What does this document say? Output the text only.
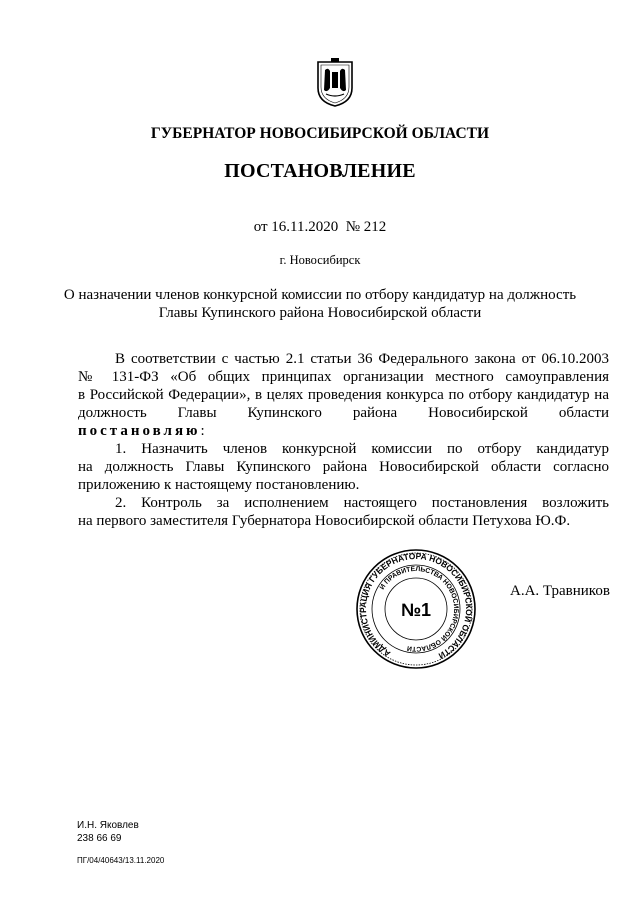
ГУБЕРНАТОР НОВОСИБИРСКОЙ ОБЛАСТИ
ПОСТАНОВЛЕНИЕ
от 16.11.2020 № 212
г. Новосибирск
О назначении членов конкурсной комиссии по отбору кандидатур на должность
Главы Купинского района Новосибирской области
В соответствии с частью 2.1 статьи 36 Федерального закона от 06.10.2003
№ 131-ФЗ «Об общих принципах организации местного самоуправления
в Российской Федерации», в целях проведения конкурса по отбору кандидатур на
должность Главы Купинского района Новосибирской области
постановляю:
1. Назначить членов конкурсной комиссии по отбору кандидатур
на должность Главы Купинского района Новосибирской области согласно
приложению к настоящему постановлению.
2. Контроль за исполнением настоящего постановления возложить
на первого заместителя Губернатора Новосибирской области Петухова Ю.Ф.
АДМИНИСТРАЦИЯ ГУБЕРНАТОРА НОВОСИБИРСКОЙ ОБЛАСТИ
И ПРАВИТЕЛЬСТВА НОВОСИБИРСКОЙ ОБЛАСТИ
№1
А.А. Травников
И.Н. Яковлев
238 66 69
ПГ/04/40643/13.11.2020
